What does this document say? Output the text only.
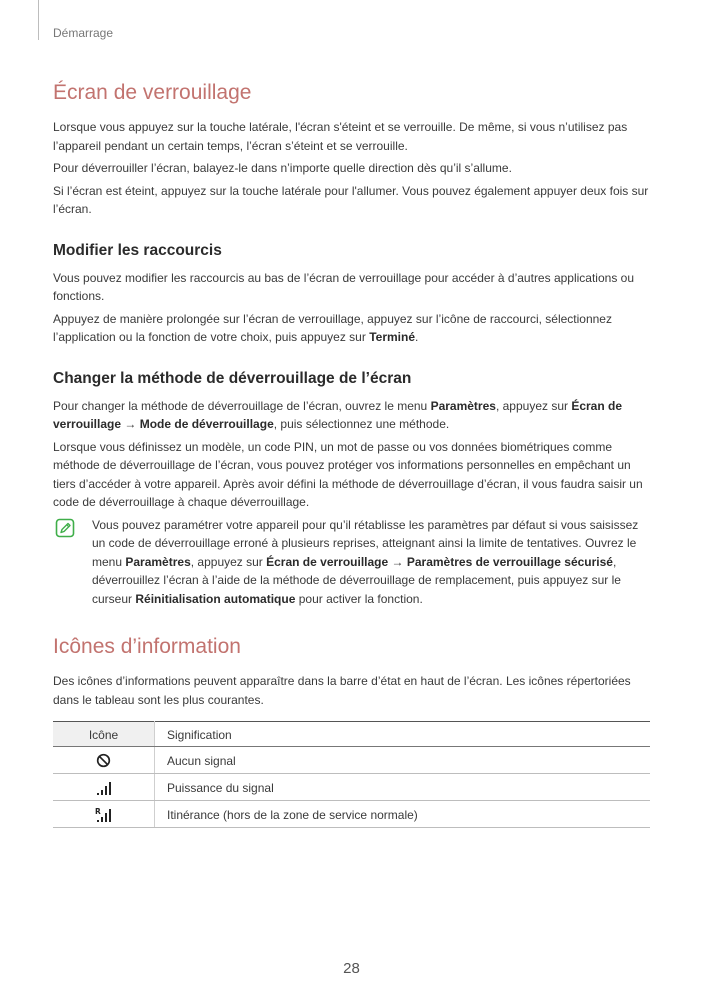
Démarrage
Écran de verrouillage

Lorsque vous appuyez sur la touche latérale, l'écran s'éteint et se verrouille. De même, si vous n’utilisez pas l’appareil pendant un certain temps, l’écran s’éteint et se verrouille.

Pour déverrouiller l’écran, balayez-le dans n’importe quelle direction dès qu’il s’allume.

Si l’écran est éteint, appuyez sur la touche latérale pour l'allumer. Vous pouvez également appuyer deux fois sur l’écran.

Modifier les raccourcis

Vous pouvez modifier les raccourcis au bas de l’écran de verrouillage pour accéder à d’autres applications ou fonctions.

Appuyez de manière prolongée sur l’écran de verrouillage, appuyez sur l’icône de raccourci, sélectionnez l’application ou la fonction de votre choix, puis appuyez sur Terminé.

Changer la méthode de déverrouillage de l’écran

Pour changer la méthode de déverrouillage de l’écran, ouvrez le menu Paramètres, appuyez sur Écran de verrouillage → Mode de déverrouillage, puis sélectionnez une méthode.

Lorsque vous définissez un modèle, un code PIN, un mot de passe ou vos données biométriques comme méthode de déverrouillage de l’écran, vous pouvez protéger vos informations personnelles en empêchant un tiers d’accéder à votre appareil. Après avoir défini la méthode de déverrouillage d’écran, il vous faudra saisir un code de déverrouillage à chaque déverrouillage.

Vous pouvez paramétrer votre appareil pour qu’il rétablisse les paramètres par défaut si vous saisissez un code de déverrouillage erroné à plusieurs reprises, atteignant ainsi la limite de tentatives. Ouvrez le menu Paramètres, appuyez sur Écran de verrouillage → Paramètres de verrouillage sécurisé, déverrouillez l’écran à l’aide de la méthode de déverrouillage de remplacement, puis appuyez sur le curseur Réinitialisation automatique pour activer la fonction.

Icônes d’information

Des icônes d’informations peuvent apparaître dans la barre d’état en haut de l’écran. Les icônes répertoriées dans le tableau sont les plus courantes.

Icône	Signification
	Aucun signal
	Puissance du signal

R	Itinérance (hors de la zone de service normale)
28
